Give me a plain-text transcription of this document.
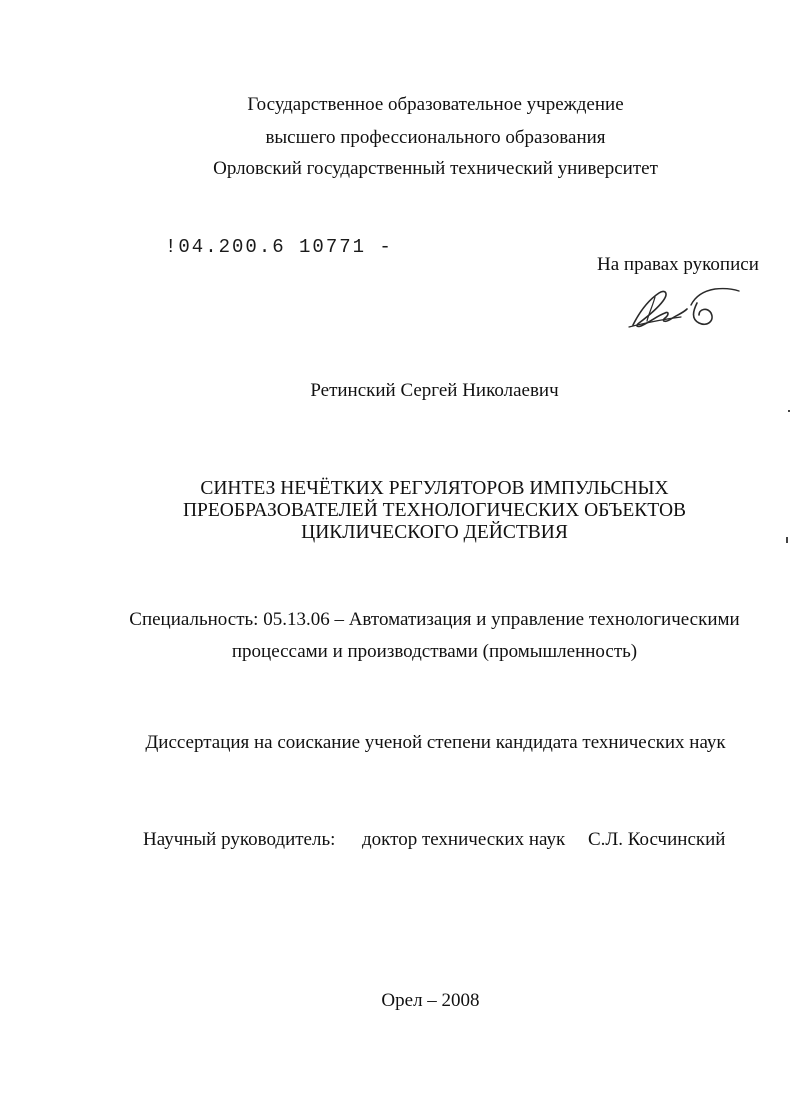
Государственное образовательное учреждение
высшего профессионального образования
Орловский государственный технический университет
!04.200.6 10771 -
На правах рукописи
Ретинский Сергей Николаевич
СИНТЕЗ НЕЧЁТКИХ РЕГУЛЯТОРОВ ИМПУЛЬСНЫХ
ПРЕОБРАЗОВАТЕЛЕЙ ТЕХНОЛОГИЧЕСКИХ ОБЪЕКТОВ
ЦИКЛИЧЕСКОГО ДЕЙСТВИЯ
Специальность: 05.13.06 – Автоматизация и управление технологическими
процессами и производствами (промышленность)
Диссертация на соискание ученой степени кандидата технических наук
Научный руководитель: доктор технических наук С.Л. Косчинский
Орел – 2008
